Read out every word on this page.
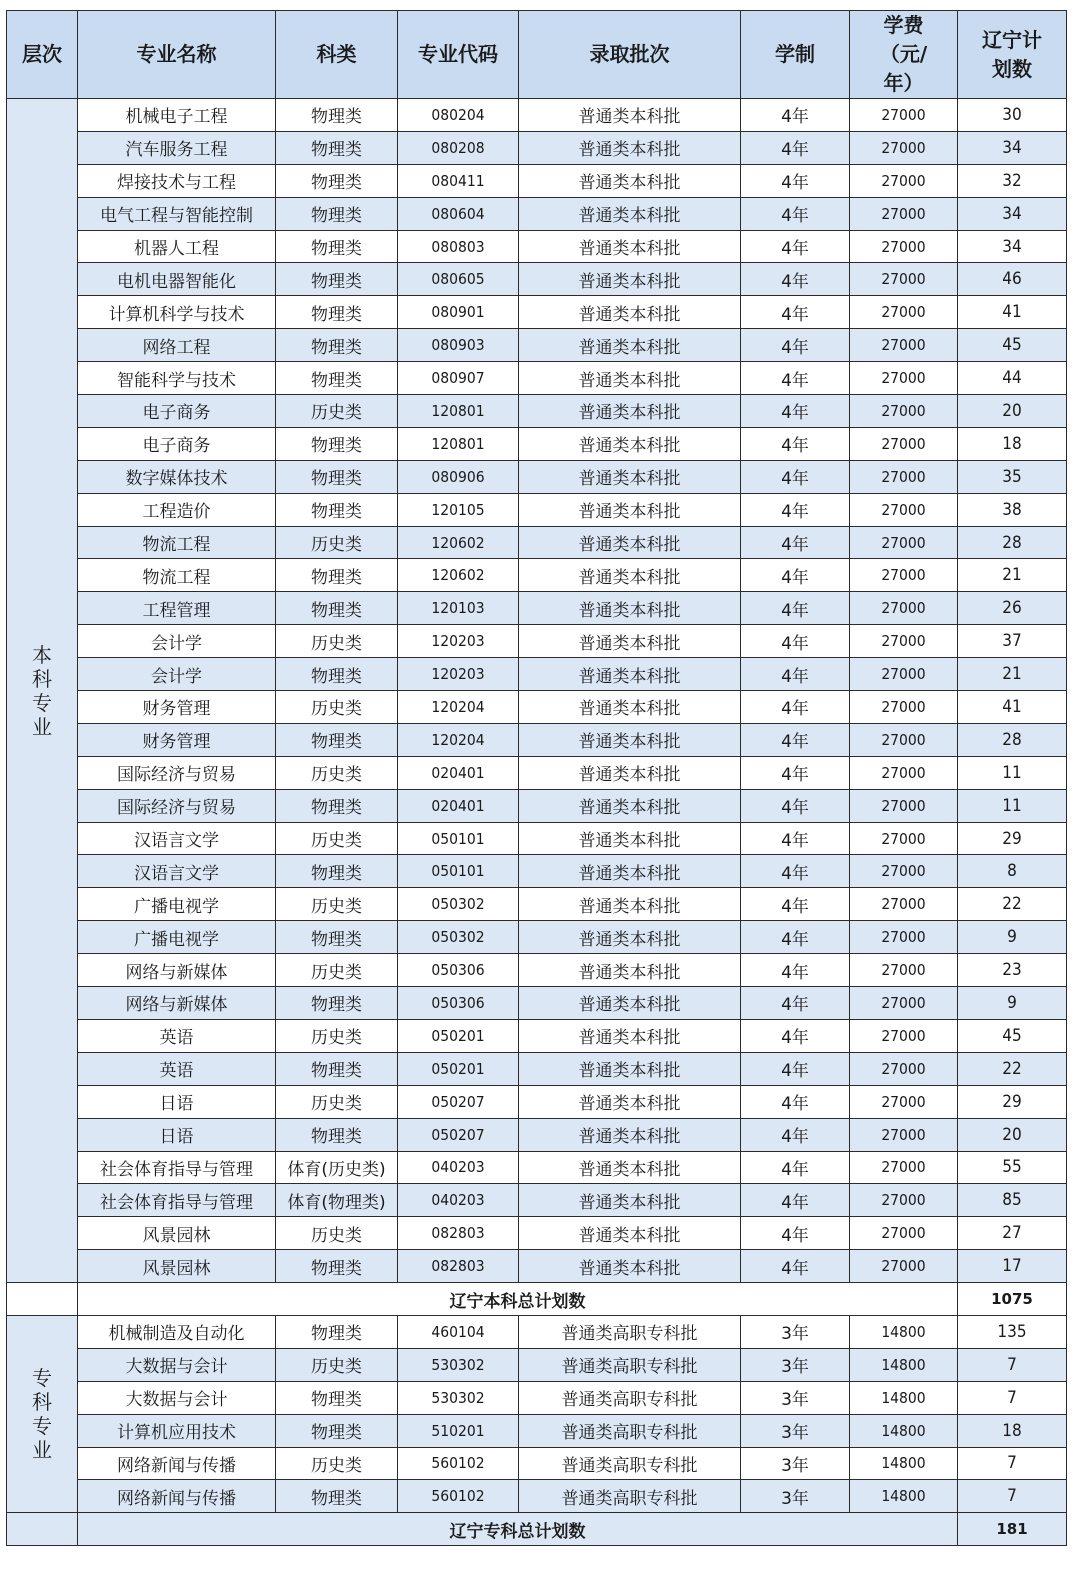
层次	专业名称	科类	专业代码	录取批次	学制	学费（元/年）	辽宁计划数

本科专业	机械电子工程	物理类	080204	普通类本科批	4年	27000	30
	汽车服务工程	物理类	080208	普通类本科批	4年	27000	34
	焊接技术与工程	物理类	080411	普通类本科批	4年	27000	32
	电气工程与智能控制	物理类	080604	普通类本科批	4年	27000	34
	机器人工程	物理类	080803	普通类本科批	4年	27000	34
	电机电器智能化	物理类	080605	普通类本科批	4年	27000	46
	计算机科学与技术	物理类	080901	普通类本科批	4年	27000	41
	网络工程	物理类	080903	普通类本科批	4年	27000	45
	智能科学与技术	物理类	080907	普通类本科批	4年	27000	44
	电子商务	历史类	120801	普通类本科批	4年	27000	20
	电子商务	物理类	120801	普通类本科批	4年	27000	18
	数字媒体技术	物理类	080906	普通类本科批	4年	27000	35
	工程造价	物理类	120105	普通类本科批	4年	27000	38
	物流工程	历史类	120602	普通类本科批	4年	27000	28
	物流工程	物理类	120602	普通类本科批	4年	27000	21
	工程管理	物理类	120103	普通类本科批	4年	27000	26
	会计学	历史类	120203	普通类本科批	4年	27000	37
	会计学	物理类	120203	普通类本科批	4年	27000	21
	财务管理	历史类	120204	普通类本科批	4年	27000	41
	财务管理	物理类	120204	普通类本科批	4年	27000	28
	国际经济与贸易	历史类	020401	普通类本科批	4年	27000	11
	国际经济与贸易	物理类	020401	普通类本科批	4年	27000	11
	汉语言文学	历史类	050101	普通类本科批	4年	27000	29
	汉语言文学	物理类	050101	普通类本科批	4年	27000	8
	广播电视学	历史类	050302	普通类本科批	4年	27000	22
	广播电视学	物理类	050302	普通类本科批	4年	27000	9
	网络与新媒体	历史类	050306	普通类本科批	4年	27000	23
	网络与新媒体	物理类	050306	普通类本科批	4年	27000	9
	英语	历史类	050201	普通类本科批	4年	27000	45
	英语	物理类	050201	普通类本科批	4年	27000	22
	日语	历史类	050207	普通类本科批	4年	27000	29
	日语	物理类	050207	普通类本科批	4年	27000	20
	社会体育指导与管理	体育(历史类)	040203	普通类本科批	4年	27000	55
	社会体育指导与管理	体育(物理类)	040203	普通类本科批	4年	27000	85
	风景园林	历史类	082803	普通类本科批	4年	27000	27
	风景园林	物理类	082803	普通类本科批	4年	27000	17
	辽宁本科总计划数						1075

专科专业	机械制造及自动化	物理类	460104	普通类高职专科批	3年	14800	135
	大数据与会计	历史类	530302	普通类高职专科批	3年	14800	7
	大数据与会计	物理类	530302	普通类高职专科批	3年	14800	7
	计算机应用技术	物理类	510201	普通类高职专科批	3年	14800	18
	网络新闻与传播	历史类	560102	普通类高职专科批	3年	14800	7
	网络新闻与传播	物理类	560102	普通类高职专科批	3年	14800	7
	辽宁专科总计划数						181
